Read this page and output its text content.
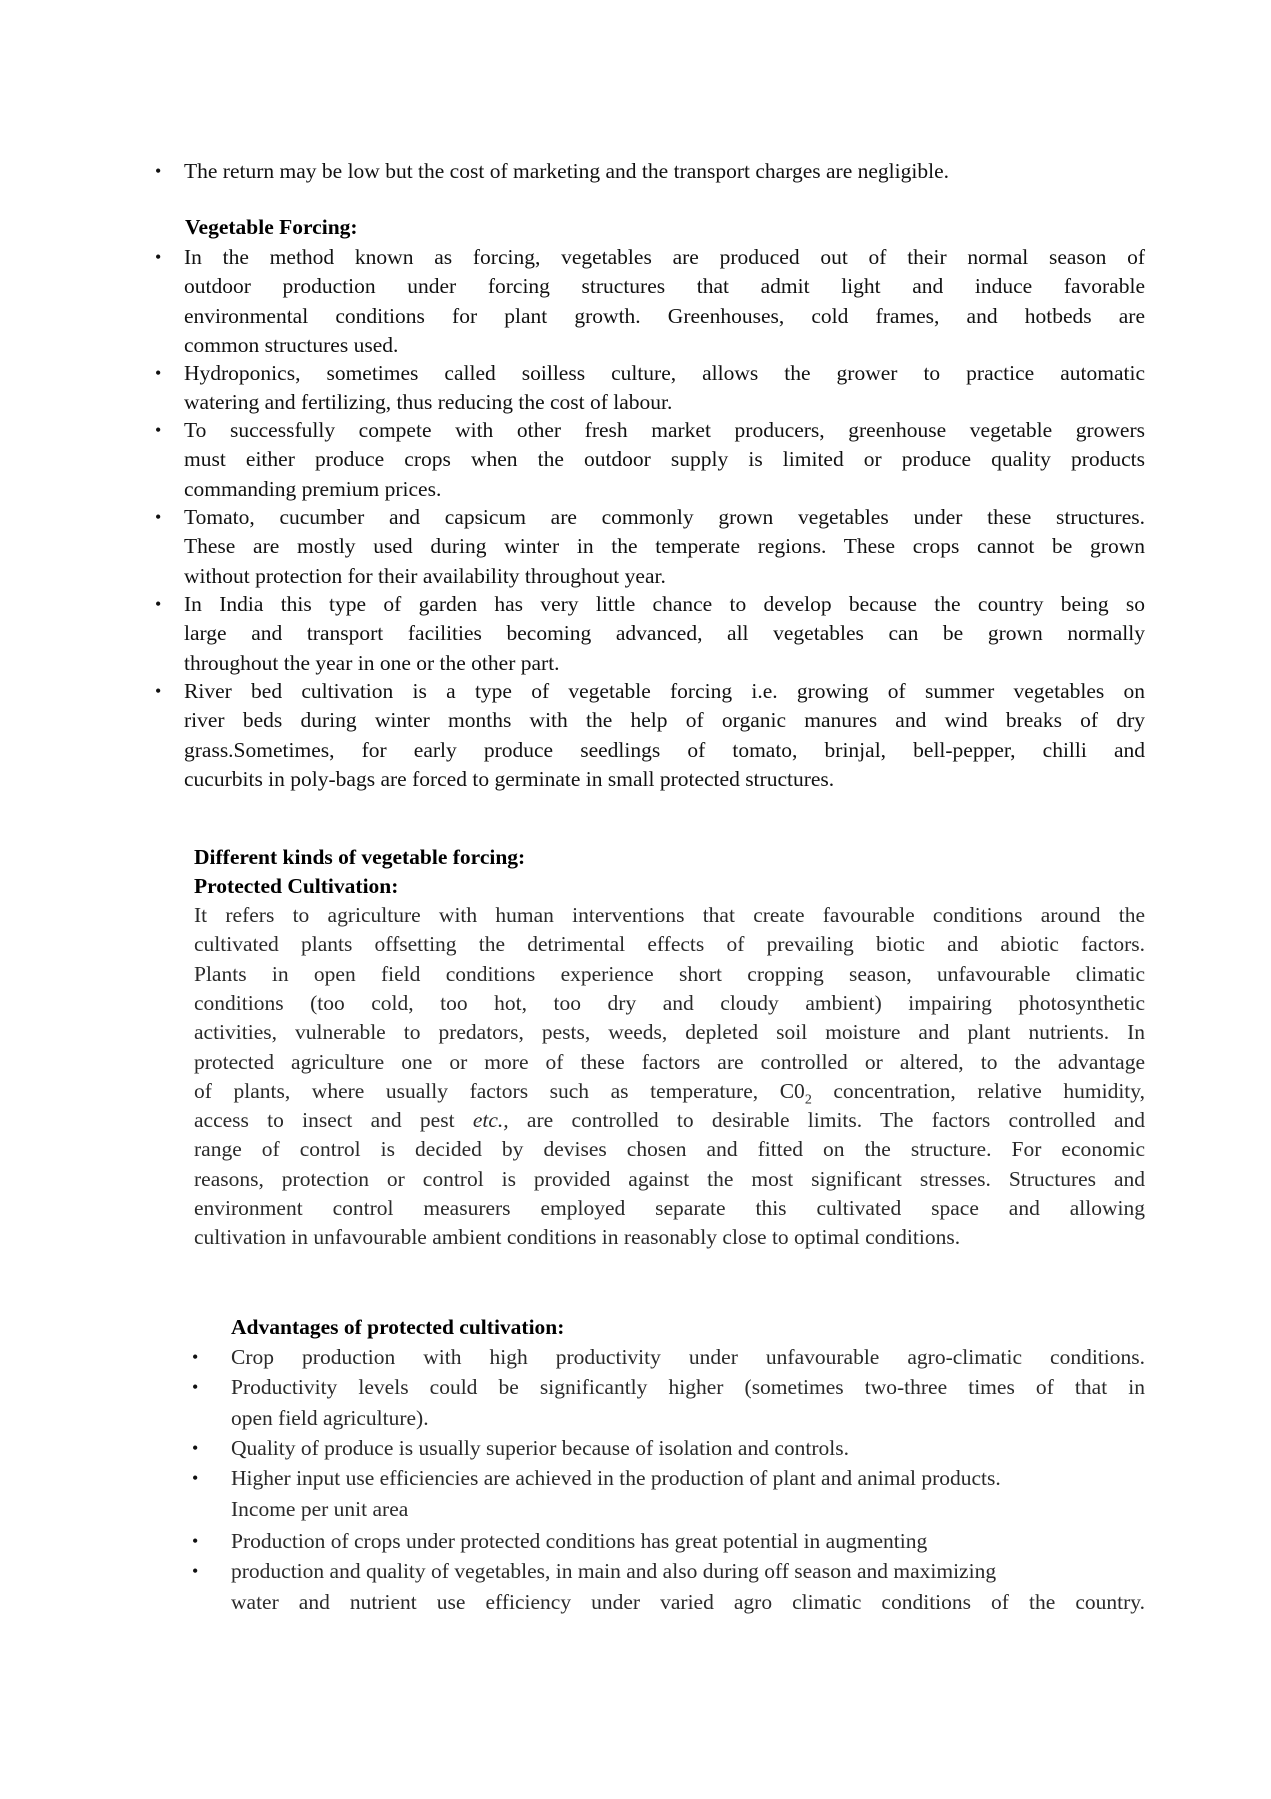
• The return may be low but the cost of marketing and the transport charges are negligible.
Vegetable Forcing:
Different kinds of vegetable forcing:
Protected Cultivation:
Advantages of protected cultivation:
• In the method known as forcing, vegetables are produced out of their normal season of
outdoor production under forcing structures that admit light and induce favorable
environmental conditions for plant growth. Greenhouses, cold frames, and hotbeds are
common structures used.
• Hydroponics, sometimes called soilless culture, allows the grower to practice automatic
watering and fertilizing, thus reducing the cost of labour.
• To successfully compete with other fresh market producers, greenhouse vegetable growers
must either produce crops when the outdoor supply is limited or produce quality products
commanding premium prices.
• Tomato, cucumber and capsicum are commonly grown vegetables under these structures.
These are mostly used during winter in the temperate regions. These crops cannot be grown
without protection for their availability throughout year.
• In India this type of garden has very little chance to develop because the country being so
large and transport facilities becoming advanced, all vegetables can be grown normally
throughout the year in one or the other part.
• River bed cultivation is a type of vegetable forcing i.e. growing of summer vegetables on
river beds during winter months with the help of organic manures and wind breaks of dry
grass.Sometimes, for early produce seedlings of tomato, brinjal, bell-pepper, chilli and
cucurbits in poly-bags are forced to germinate in small protected structures.
It refers to agriculture with human interventions that create favourable conditions around the
cultivated plants offsetting the detrimental effects of prevailing biotic and abiotic factors.
Plants in open field conditions experience short cropping season, unfavourable climatic
conditions (too cold, too hot, too dry and cloudy ambient) impairing photosynthetic
activities, vulnerable to predators, pests, weeds, depleted soil moisture and plant nutrients. In
protected agriculture one or more of these factors are controlled or altered, to the advantage
of plants, where usually factors such as temperature, $C0_2$ concentration, relative humidity,
access to insect and pest etc., are controlled to desirable limits. The factors controlled and
range of control is decided by devises chosen and fitted on the structure. For economic
reasons, protection or control is provided against the most significant stresses. Structures and
environment control measurers employed separate this cultivated space and allowing
cultivation in unfavourable ambient conditions in reasonably close to optimal conditions.
• Crop production with high productivity under unfavourable agro-climatic conditions.
• Productivity levels could be significantly higher (sometimes two-three times of that in
open field agriculture).
• Quality of produce is usually superior because of isolation and controls.
• Higher input use efficiencies are achieved in the production of plant and animal products.
Income per unit area
• Production of crops under protected conditions has great potential in augmenting
• production and quality of vegetables, in main and also during off season and maximizing
water and nutrient use efficiency under varied agro climatic conditions of the country.
